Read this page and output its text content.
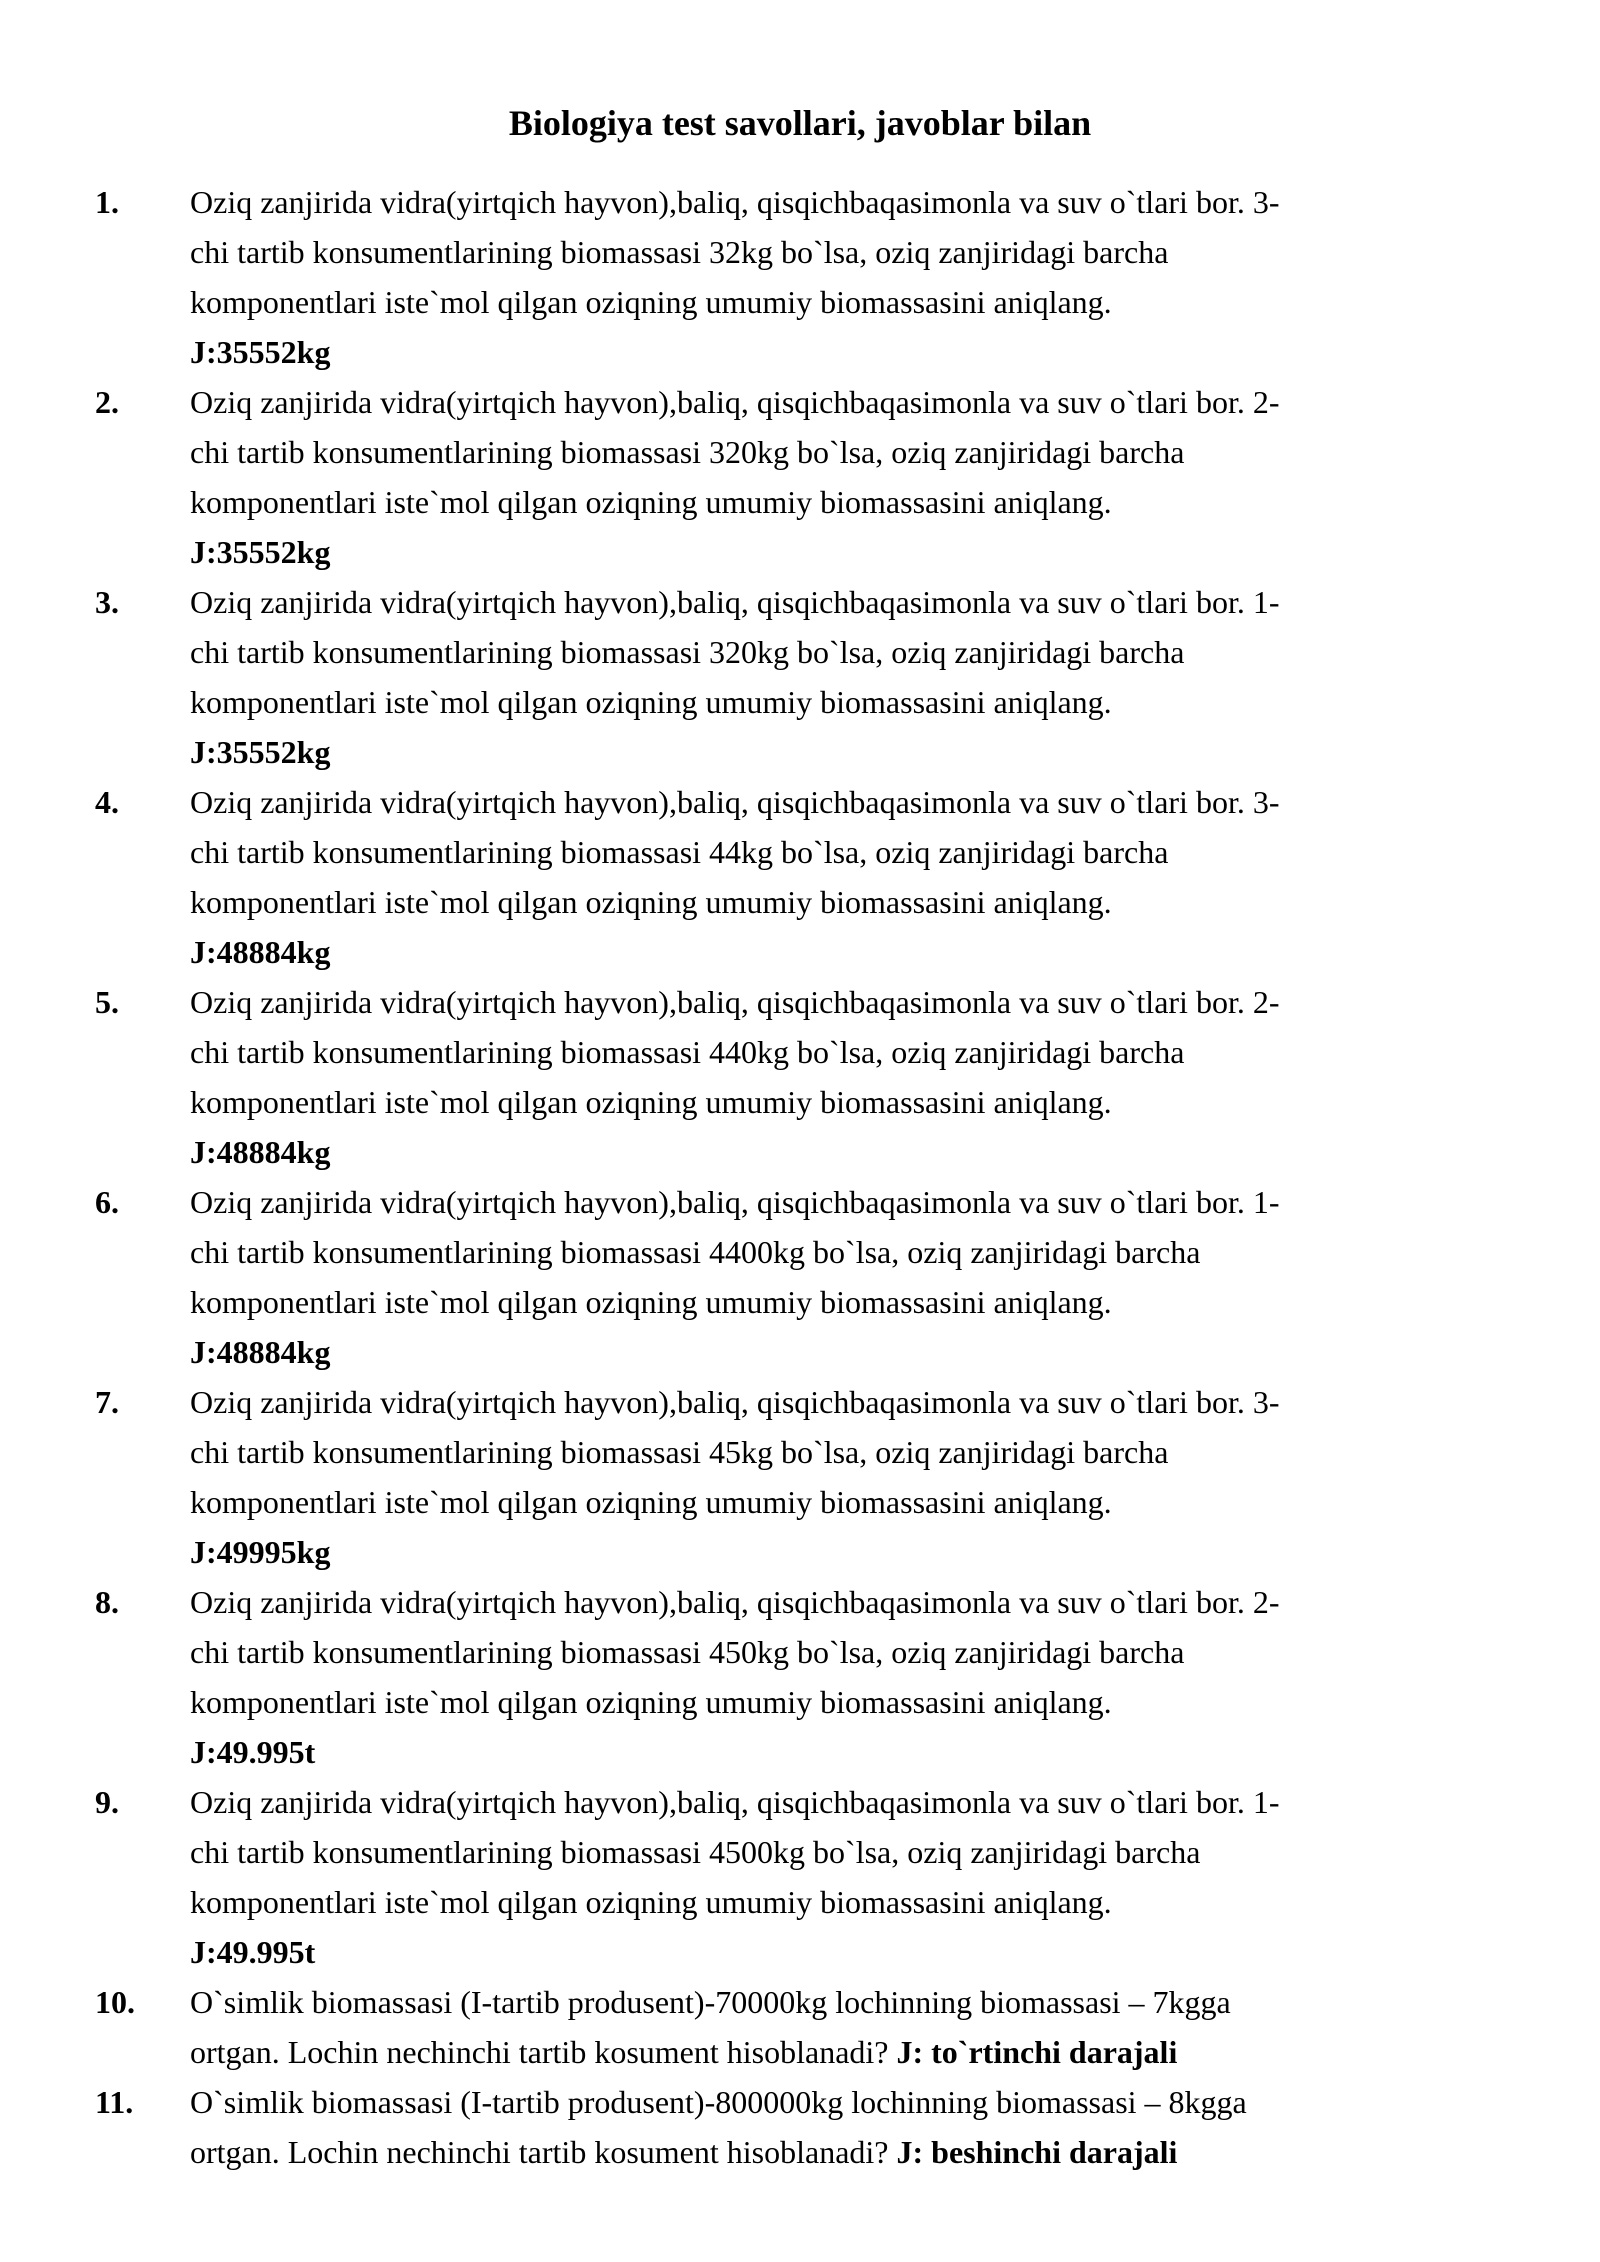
Biologiya test savollari, javoblar bilan
1.	Oziq zanjirida vidra(yirtqich hayvon),baliq, qisqichbaqasimonla va suv o`tlari bor. 3-
chi tartib konsumentlarining biomassasi 32kg bo`lsa, oziq zanjiridagi barcha
komponentlari iste`mol qilgan oziqning umumiy biomassasini aniqlang.
J:35552kg
2.	Oziq zanjirida vidra(yirtqich hayvon),baliq, qisqichbaqasimonla va suv o`tlari bor. 2-
chi tartib konsumentlarining biomassasi 320kg bo`lsa, oziq zanjiridagi barcha
komponentlari iste`mol qilgan oziqning umumiy biomassasini aniqlang.
J:35552kg
3.	Oziq zanjirida vidra(yirtqich hayvon),baliq, qisqichbaqasimonla va suv o`tlari bor. 1-
chi tartib konsumentlarining biomassasi 320kg bo`lsa, oziq zanjiridagi barcha
komponentlari iste`mol qilgan oziqning umumiy biomassasini aniqlang.
J:35552kg
4.	Oziq zanjirida vidra(yirtqich hayvon),baliq, qisqichbaqasimonla va suv o`tlari bor. 3-
chi tartib konsumentlarining biomassasi 44kg bo`lsa, oziq zanjiridagi barcha
komponentlari iste`mol qilgan oziqning umumiy biomassasini aniqlang.
J:48884kg
5.	Oziq zanjirida vidra(yirtqich hayvon),baliq, qisqichbaqasimonla va suv o`tlari bor. 2-
chi tartib konsumentlarining biomassasi 440kg bo`lsa, oziq zanjiridagi barcha
komponentlari iste`mol qilgan oziqning umumiy biomassasini aniqlang.
J:48884kg
6.	Oziq zanjirida vidra(yirtqich hayvon),baliq, qisqichbaqasimonla va suv o`tlari bor. 1-
chi tartib konsumentlarining biomassasi 4400kg bo`lsa, oziq zanjiridagi barcha
komponentlari iste`mol qilgan oziqning umumiy biomassasini aniqlang.
J:48884kg
7.	Oziq zanjirida vidra(yirtqich hayvon),baliq, qisqichbaqasimonla va suv o`tlari bor. 3-
chi tartib konsumentlarining biomassasi 45kg bo`lsa, oziq zanjiridagi barcha
komponentlari iste`mol qilgan oziqning umumiy biomassasini aniqlang.
J:49995kg
8.	Oziq zanjirida vidra(yirtqich hayvon),baliq, qisqichbaqasimonla va suv o`tlari bor. 2-
chi tartib konsumentlarining biomassasi 450kg bo`lsa, oziq zanjiridagi barcha
komponentlari iste`mol qilgan oziqning umumiy biomassasini aniqlang.
J:49.995t
9.	Oziq zanjirida vidra(yirtqich hayvon),baliq, qisqichbaqasimonla va suv o`tlari bor. 1-
chi tartib konsumentlarining biomassasi 4500kg bo`lsa, oziq zanjiridagi barcha
komponentlari iste`mol qilgan oziqning umumiy biomassasini aniqlang.
J:49.995t
10.	O`simlik biomassasi (I-tartib produsent)-70000kg lochinning biomassasi – 7kgga
ortgan. Lochin nechinchi tartib kosument hisoblanadi? J: to`rtinchi darajali
11.	O`simlik biomassasi (I-tartib produsent)-800000kg lochinning biomassasi – 8kgga
ortgan. Lochin nechinchi tartib kosument hisoblanadi? J: beshinchi darajali
